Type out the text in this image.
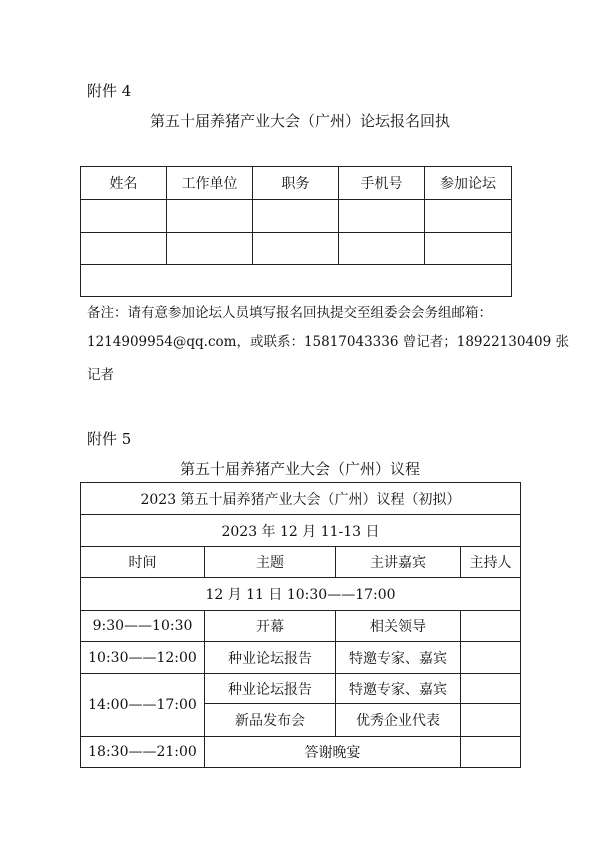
附件 4
第五十届养猪产业大会（广州）论坛报名回执
姓名	工作单位	职务	手机号	参加论坛

备注：请有意参加论坛人员填写报名回执提交至组委会会务组邮箱：
1214909954@qq.com，或联系：15817043336 曾记者；18922130409 张
记者
附件 5
第五十届养猪产业大会（广州）议程
2023 第五十届养猪产业大会（广州）议程（初拟）			
2023 年 12 月 11-13 日			
时间	主题	主讲嘉宾	主持人
12 月 11 日 10:30——17:00			
9:30——10:30	开幕	相关领导	
10:30——12:00	种业论坛报告	特邀专家、嘉宾	
14:00——17:00	种业论坛报告	特邀专家、嘉宾	
	新品发布会	优秀企业代表	
18:30——21:00	答谢晚宴		
